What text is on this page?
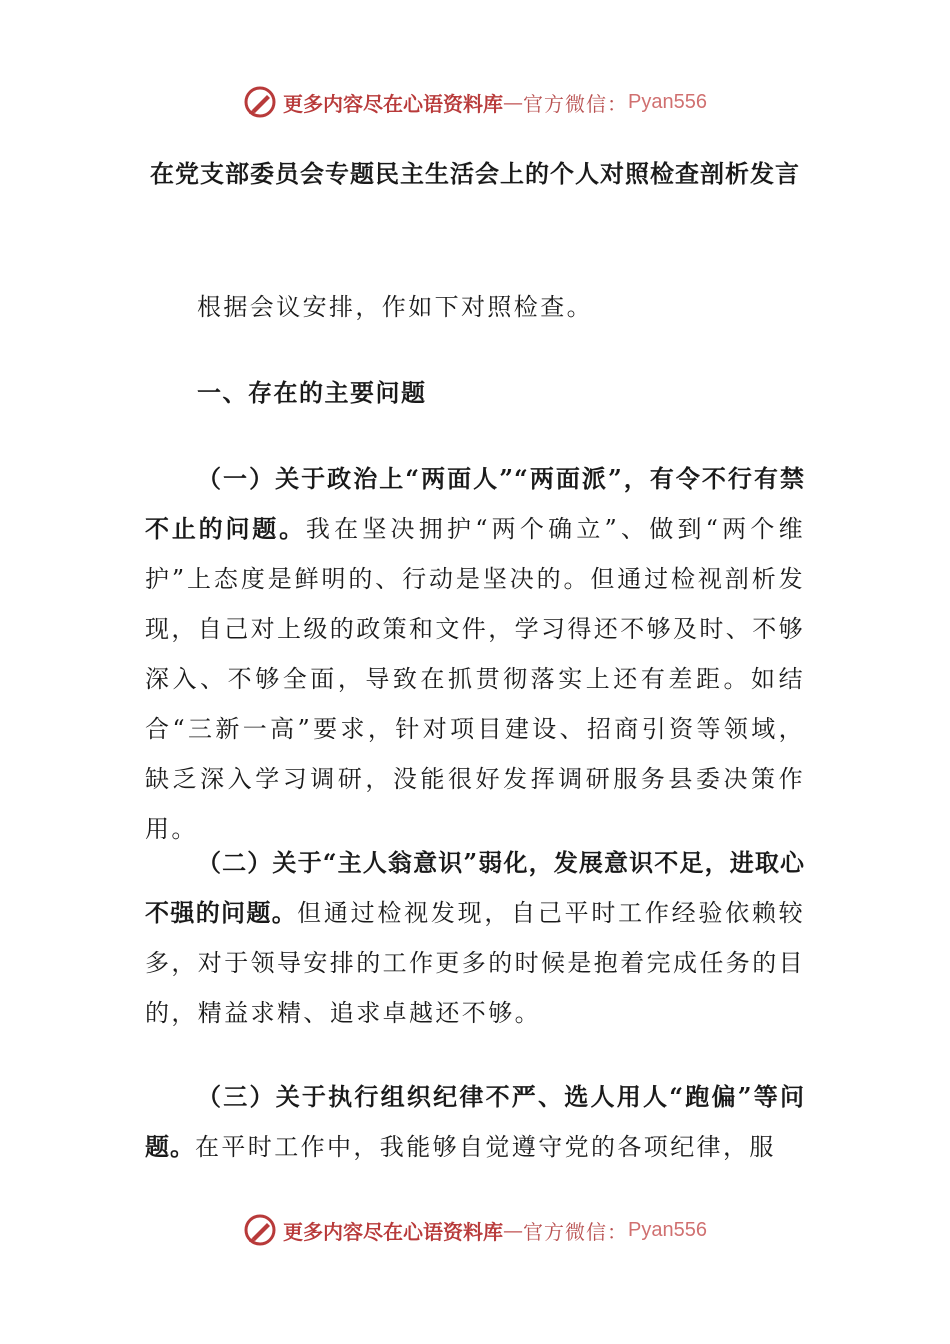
更多内容尽在心语资料库 — 官方微信： Pyan556
在党支部委员会专题民主生活会上的个人对照检查剖析发言
根据会议安排，作如下对照检查。
一、存在的主要问题
（一）关于政治上“两面人”“两面派”，有令不行有禁不止的问题。我在坚决拥护“两个确立”、做到“两个维护”上态度是鲜明的、行动是坚决的。但通过检视剖析发现，自己对上级的政策和文件，学习得还不够及时、不够深入、不够全面，导致在抓贯彻落实上还有差距。如结合“三新一高”要求，针对项目建设、招商引资等领域，缺乏深入学习调研，没能很好发挥调研服务县委决策作用。
（二）关于“主人翁意识”弱化，发展意识不足，进取心不强的问题。但通过检视发现，自己平时工作经验依赖较多，对于领导安排的工作更多的时候是抱着完成任务的目的，精益求精、追求卓越还不够。
（三）关于执行组织纪律不严、选人用人“跑偏”等问题。在平时工作中，我能够自觉遵守党的各项纪律，服
更多内容尽在心语资料库 — 官方微信： Pyan556
